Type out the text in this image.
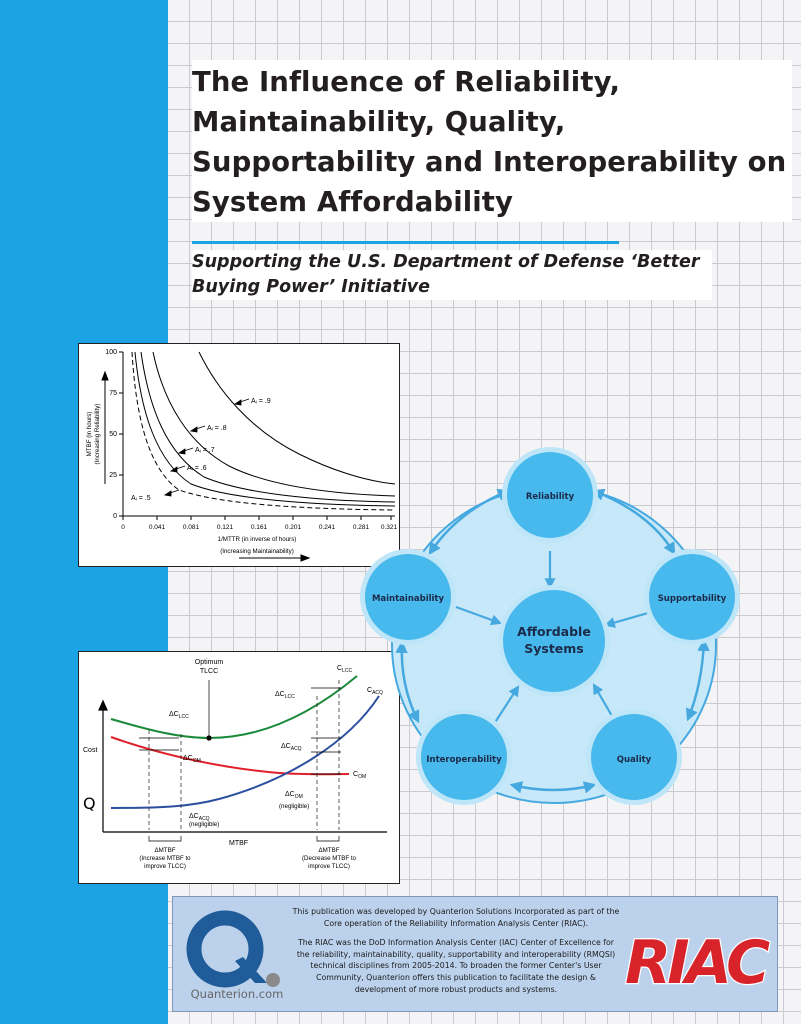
The Influence of Reliability, Maintainability, Quality, Supportability and Interoperability on System Affordability

Supporting the U.S. Department of Defense ‘Better Buying Power’ Initiative

100
75
50
25
0
0	0.041	0.081	0.121	0.161	0.201	0.241	0.281 0.321
Aᵢ = .9
Aᵢ = .8
Aᵢ = .7
Aᵢ = .6
Aᵢ = .5
MTBF (in hours) (Increasing Reliability)
1/MTTR (in inverse of hours)
(Increasing Maintainability)
Optimum
TLCC
Cost
MTBF
$C_{LCC}$
$C_{ACQ}$
$C_{OM}$
$\Delta C_{LCC}$
$\Delta C_{OM}$
$\Delta C_{ACQ}$
(negligible)
$\Delta C_{LCC}$
$\Delta C_{ACQ}$
$\Delta C_{OM}$
(negligible)
ΔMTBF
(Increase MTBF to
improve TLCC)
ΔMTBF
(Decrease MTBF to
improve TLCC)
Affordable
Systems
Reliability
Supportability
Quality
Interoperability
Maintainability
Q
Quanterion.com

This publication was developed by Quanterion Solutions Incorporated as part of the Core operation of the Reliability Information Analysis Center (RIAC).

The RIAC was the DoD Information Analysis Center (IAC) Center of Excellence for the reliability, maintainability, quality, supportability and interoperability (RMQSI) technical disciplines from 2005-2014. To broaden the former Center's User Community, Quanterion offers this publication to facilitate the design & development of more robust products and systems.	RIAC
